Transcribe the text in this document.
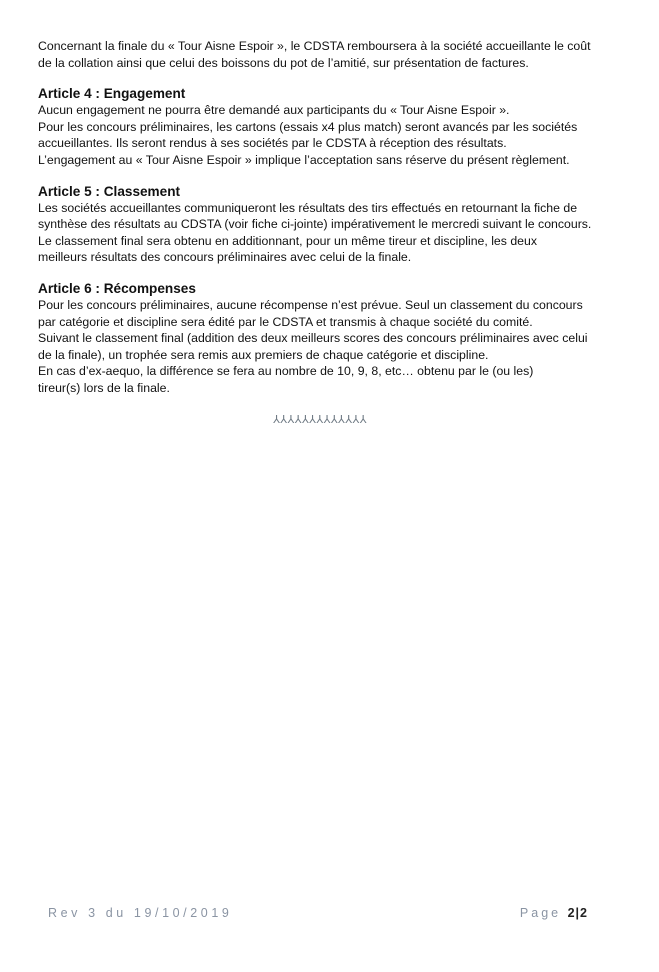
Concernant la finale du « Tour Aisne Espoir », le CDSTA remboursera à la société accueillante le coût

de la collation ainsi que celui des boissons du pot de l’amitié, sur présentation de factures.

Article 4 : Engagement

Aucun engagement ne pourra être demandé aux participants du « Tour Aisne Espoir ».

Pour les concours préliminaires, les cartons (essais x4 plus match) seront avancés par les sociétés

accueillantes. Ils seront rendus à ses sociétés par le CDSTA à réception des résultats.

L’engagement au « Tour Aisne Espoir » implique l’acceptation sans réserve du présent règlement.

Article 5 : Classement

Les sociétés accueillantes communiqueront les résultats des tirs effectués en retournant la fiche de

synthèse des résultats au CDSTA (voir fiche ci-jointe) impérativement le mercredi suivant le concours.

Le classement final sera obtenu en additionnant, pour un même tireur et discipline, les deux

meilleurs résultats des concours préliminaires avec celui de la finale.

Article 6 : Récompenses

Pour les concours préliminaires, aucune récompense n’est prévue. Seul un classement du concours

par catégorie et discipline sera édité par le CDSTA et transmis à chaque société du comité.

Suivant le classement final (addition des deux meilleurs scores des concours préliminaires avec celui

de la finale), un trophée sera remis aux premiers de chaque catégorie et discipline.

En cas d’ex-aequo, la différence se fera au nombre de 10, 9, 8, etc… obtenu par le (ou les)

tireur(s) lors de la finale.

⅄⅄⅄⅄⅄⅄⅄⅄⅄⅄⅄⅄⅄
Rev 3 du 19/10/2019	Page 2|2
